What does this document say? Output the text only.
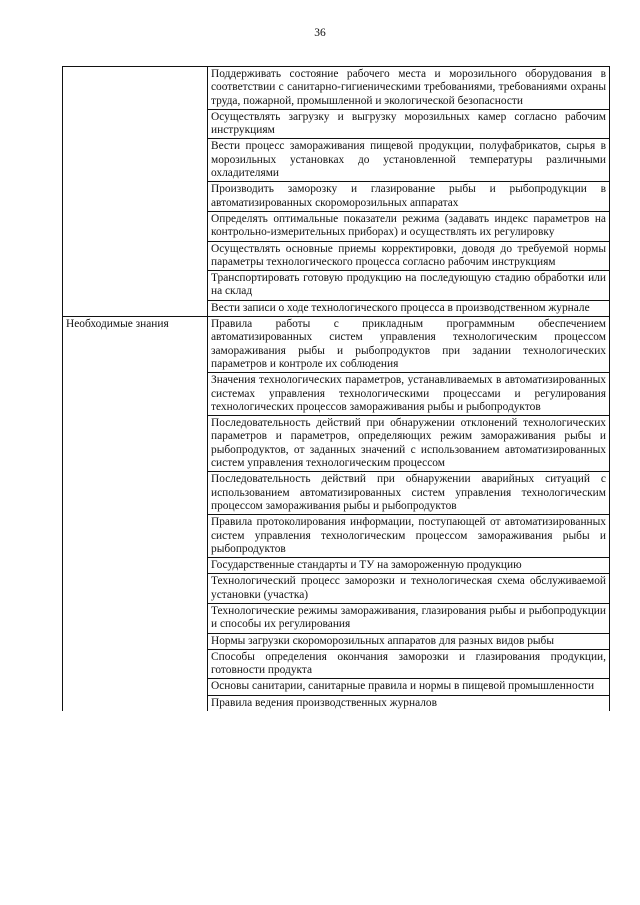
36
	Поддерживать состояние рабочего места и морозильного оборудования в соответствии с санитарно-гигиеническими требованиями, требованиями охраны труда, пожарной, промышленной и экологической безопасности
	Осуществлять загрузку и выгрузку морозильных камер согласно рабочим инструкциям
	Вести процесс замораживания пищевой продукции, полуфабрикатов, сырья в морозильных установках до установленной температуры различными охладителями
	Производить заморозку и глазирование рыбы и рыбопродукции в автоматизированных скороморозильных аппаратах
	Определять оптимальные показатели режима (задавать индекс параметров на контрольно-измерительных приборах) и осуществлять их регулировку
	Осуществлять основные приемы корректировки, доводя до требуемой нормы параметры технологического процесса согласно рабочим инструкциям
	Транспортировать готовую продукцию на последующую стадию обработки или на склад
	Вести записи о ходе технологического процесса в производственном журнале
Необходимые знания	Правила работы с прикладным программным обеспечением автоматизированных систем управления технологическим процессом замораживания рыбы и рыбопродуктов при задании технологических параметров и контроле их соблюдения
	Значения технологических параметров, устанавливаемых в автоматизированных системах управления технологическими процессами и регулирования технологических процессов замораживания рыбы и рыбопродуктов
	Последовательность действий при обнаружении отклонений технологических параметров и параметров, определяющих режим замораживания рыбы и рыбопродуктов, от заданных значений с использованием автоматизированных систем управления технологическим процессом
	Последовательность действий при обнаружении аварийных ситуаций с использованием автоматизированных систем управления технологическим процессом замораживания рыбы и рыбопродуктов
	Правила протоколирования информации, поступающей от автоматизированных систем управления технологическим процессом замораживания рыбы и рыбопродуктов
	Государственные стандарты и ТУ на замороженную продукцию
	Технологический процесс заморозки и технологическая схема обслуживаемой установки (участка)
	Технологические режимы замораживания, глазирования рыбы и рыбопродукции и способы их регулирования
	Нормы загрузки скороморозильных аппаратов для разных видов рыбы
	Способы определения окончания заморозки и глазирования продукции, готовности продукта
	Основы санитарии, санитарные правила и нормы в пищевой промышленности
	Правила ведения производственных журналов
